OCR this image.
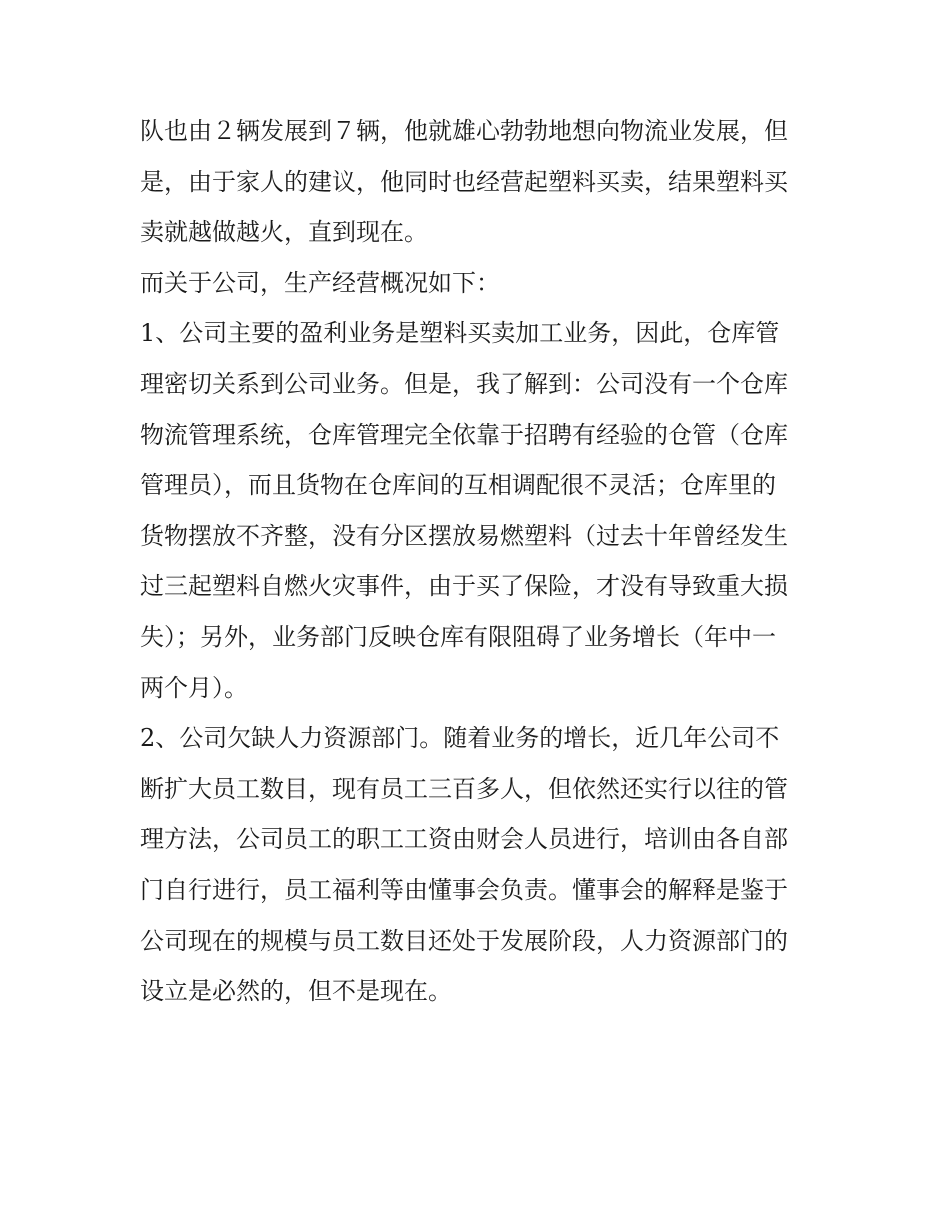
队也由２辆发展到７辆，他就雄心勃勃地想向物流业发展，但
是，由于家人的建议，他同时也经营起塑料买卖，结果塑料买
卖就越做越火，直到现在。
而关于公司，生产经营概况如下：
1、公司主要的盈利业务是塑料买卖加工业务，因此，仓库管
理密切关系到公司业务。但是，我了解到：公司没有一个仓库
物流管理系统，仓库管理完全依靠于招聘有经验的仓管（仓库
管理员），而且货物在仓库间的互相调配很不灵活；仓库里的
货物摆放不齐整，没有分区摆放易燃塑料（过去十年曾经发生
过三起塑料自燃火灾事件，由于买了保险，才没有导致重大损
失）；另外，业务部门反映仓库有限阻碍了业务增长（年中一
两个月）。
2、公司欠缺人力资源部门。随着业务的增长，近几年公司不
断扩大员工数目，现有员工三百多人，但依然还实行以往的管
理方法，公司员工的职工工资由财会人员进行，培训由各自部
门自行进行，员工福利等由懂事会负责。懂事会的解释是鉴于
公司现在的规模与员工数目还处于发展阶段，人力资源部门的
设立是必然的，但不是现在。
